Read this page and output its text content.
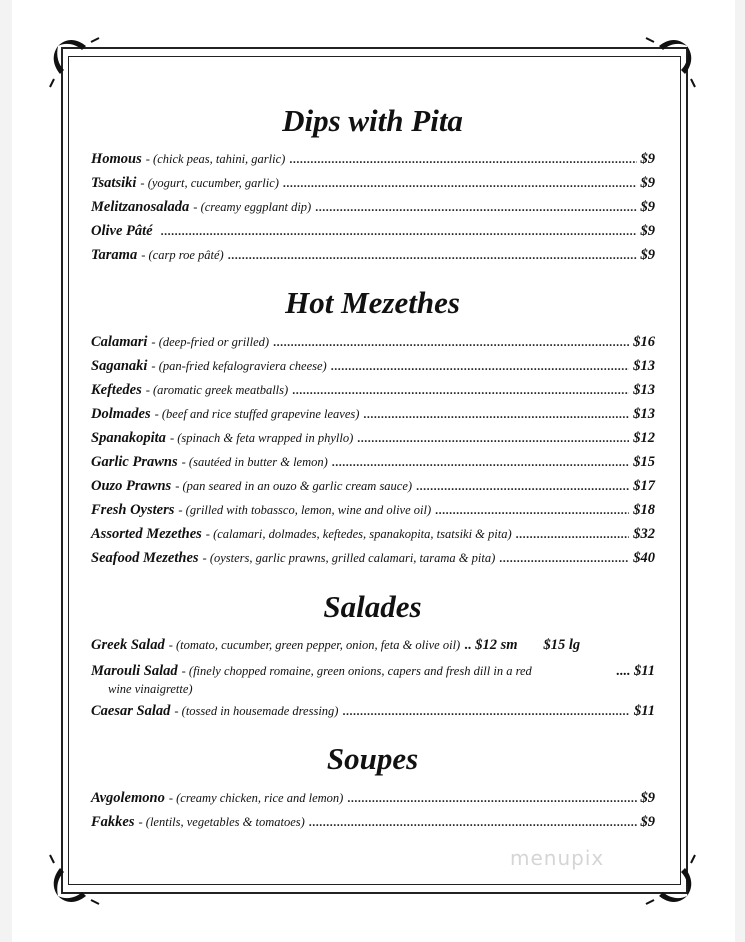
Dips with Pita
Homous - (chick peas, tahini, garlic) .....	$9
Tsatsiki - (yogurt, cucumber, garlic) .....	$9
Melitzanosalada - (creamy eggplant dip) .....	$9
Olive Pâté .....	$9
Tarama - (carp roe pâté) .....	$9
Hot Mezethes
Calamari - (deep-fried or grilled) .....	$16
Saganaki - (pan-fried kefalograviera cheese) .....	$13
Keftedes - (aromatic greek meatballs) .....	$13
Dolmades - (beef and rice stuffed grapevine leaves) .....	$13
Spanakopita - (spinach & feta wrapped in phyllo) .....	$12
Garlic Prawns - (sautéed in butter & lemon) .....	$15
Ouzo Prawns - (pan seared in an ouzo & garlic cream sauce) .....	$17
Fresh Oysters - (grilled with tobassco, lemon, wine and olive oil) .....	$18
Assorted Mezethes - (calamari, dolmades, keftedes, spanakopita, tsatsiki & pita) .....	$32
Seafood Mezethes - (oysters, garlic prawns, grilled calamari, tarama & pita) .....	$40
Salades
Greek Salad - (tomato, cucumber, green pepper, onion, feta & olive oil) .. $12 sm $15 lg
Marouli Salad - (finely chopped romaine, green onions, capers and fresh dill in a red	.... $11
wine vinaigrette)
Caesar Salad - (tossed in housemade dressing) .....	$11
Soupes
Avgolemono - (creamy chicken, rice and lemon) .....	$9
Fakkes - (lentils, vegetables & tomatoes) .....	$9
menupix
